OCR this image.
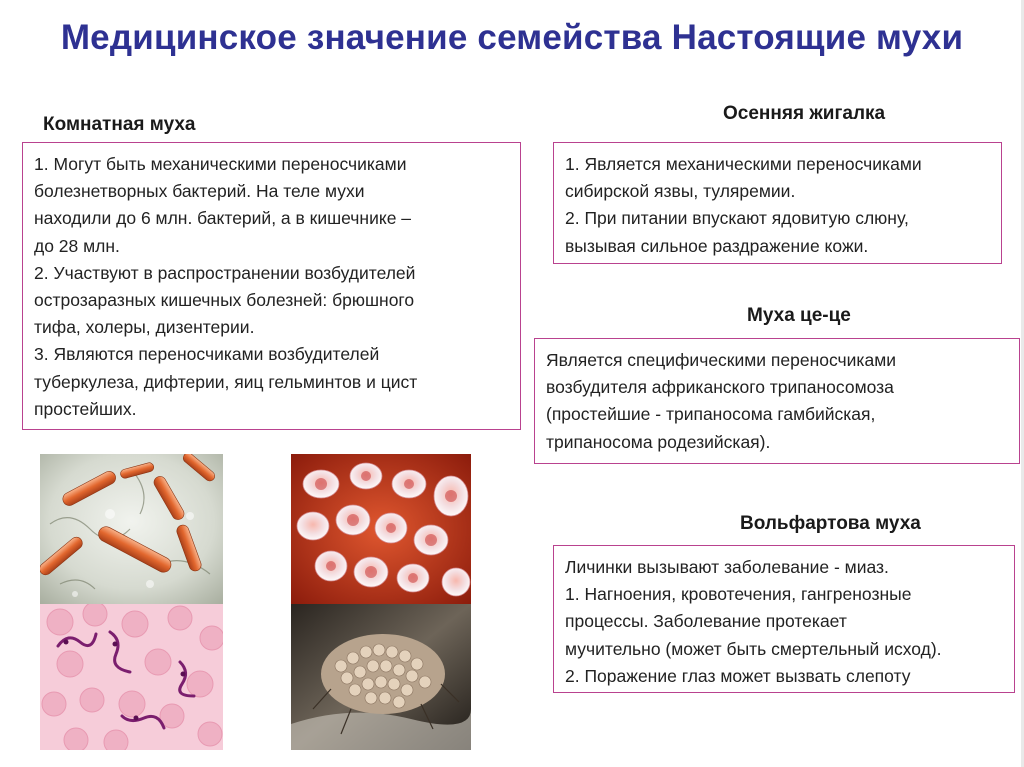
Медицинское значение семейства Настоящие мухи
Комнатная муха
1. Могут быть механическими переносчиками
болезнетворных бактерий. На теле мухи
находили до 6 млн. бактерий, а в кишечнике –
до 28 млн.
2. Участвуют в распространении возбудителей
острозаразных кишечных болезней: брюшного
тифа, холеры, дизентерии.
3. Являются переносчиками возбудителей
туберкулеза, дифтерии, яиц гельминтов и цист
простейших.
Осенняя жигалка
1. Является механическими переносчиками
сибирской язвы, туляремии.
2. При питании впускают ядовитую слюну,
вызывая сильное раздражение кожи.
Муха це-це
Является специфическими переносчиками
возбудителя африканского трипаносомоза
(простейшие - трипаносома гамбийская,
трипаносома родезийская).
Вольфартова муха
Личинки вызывают заболевание - миаз.
1. Нагноения, кровотечения, гангренозные
процессы. Заболевание протекает
мучительно (может быть смертельный исход).
2. Поражение глаз может вызвать слепоту
